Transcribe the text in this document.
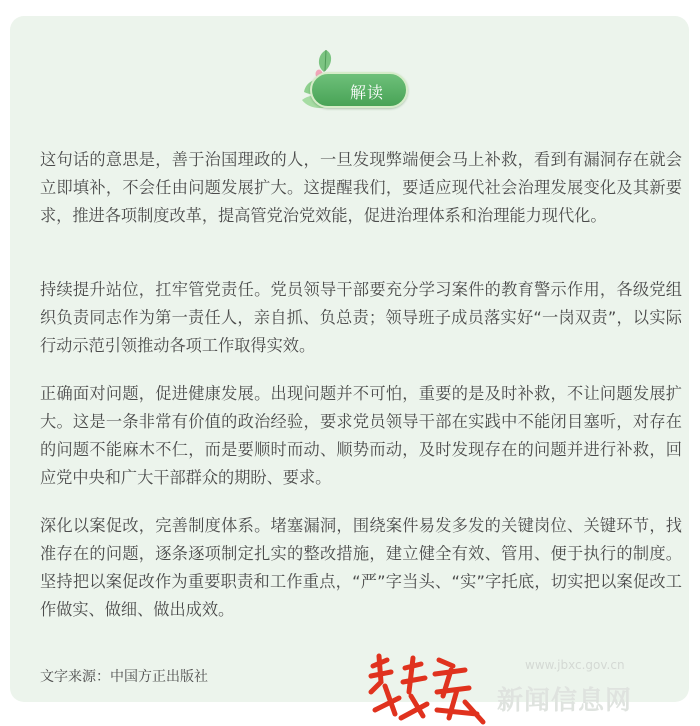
解读

这句话的意思是，善于治国理政的人，一旦发现弊端便会马上补救，看到有漏洞存在就会立即填补，不会任由问题发展扩大。这提醒我们，要适应现代社会治理发展变化及其新要求，推进各项制度改革，提高管党治党效能，促进治理体系和治理能力现代化。

持续提升站位，扛牢管党责任。党员领导干部要充分学习案件的教育警示作用，各级党组织负责同志作为第一责任人，亲自抓、负总责；领导班子成员落实好“一岗双责”，以实际行动示范引领推动各项工作取得实效。

正确面对问题，促进健康发展。出现问题并不可怕，重要的是及时补救，不让问题发展扩大。这是一条非常有价值的政治经验，要求党员领导干部在实践中不能闭目塞听，对存在的问题不能麻木不仁，而是要顺时而动、顺势而动，及时发现存在的问题并进行补救，回应党中央和广大干部群众的期盼、要求。

深化以案促改，完善制度体系。堵塞漏洞，围绕案件易发多发的关键岗位、关键环节，找准存在的问题，逐条逐项制定扎实的整改措施，建立健全有效、管用、便于执行的制度。坚持把以案促改作为重要职责和工作重点，“严”字当头、“实”字托底，切实把以案促改工作做实、做细、做出成效。

文字来源：中国方正出版社
www.jbxc.gov.cn
新闻信息网
